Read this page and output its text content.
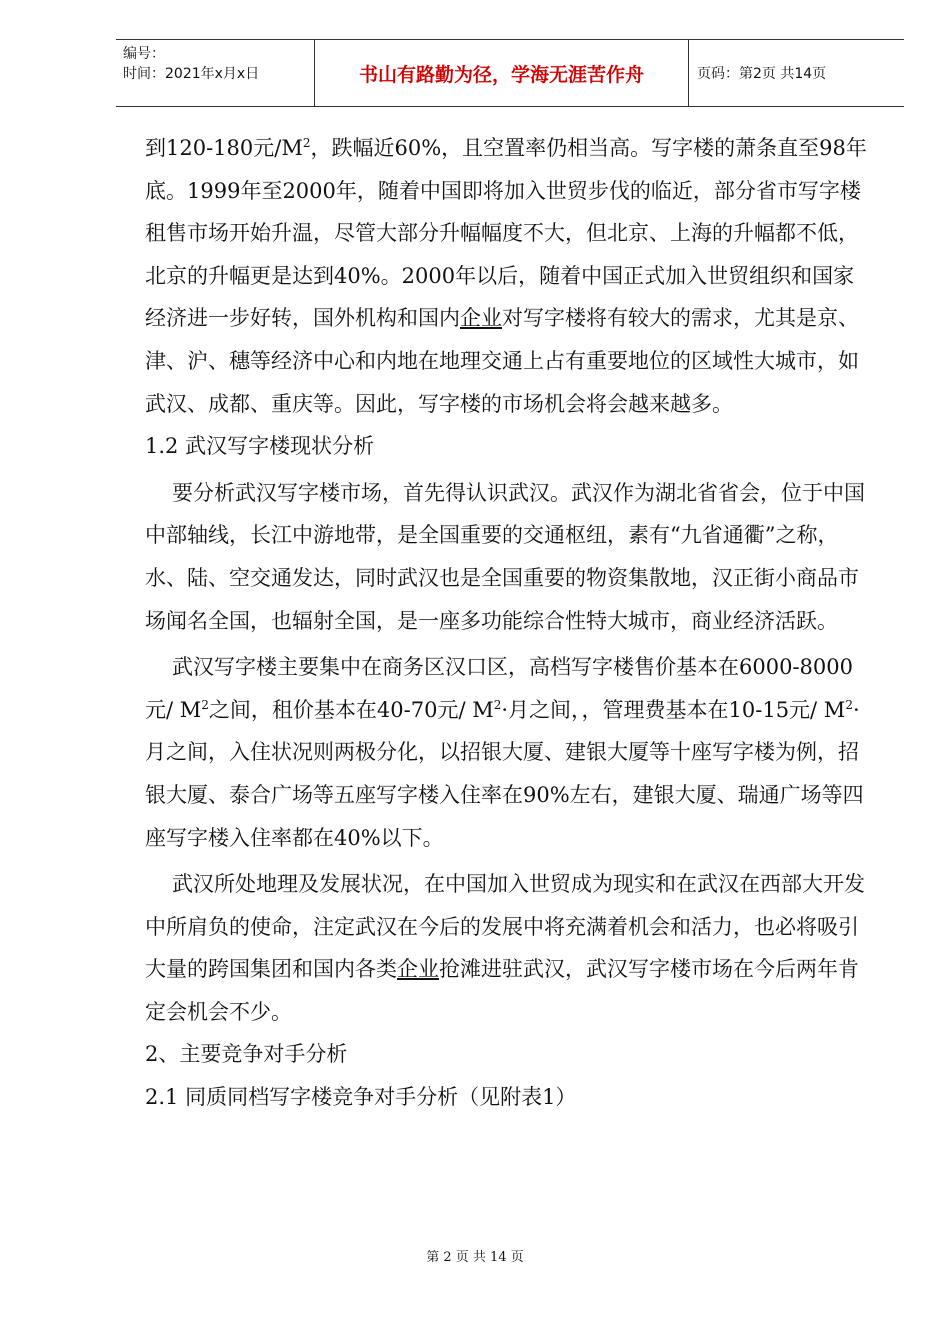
编号：
时间：2021年x月x日	书山有路勤为径，学海无涯苦作舟	页码：第2页 共14页

到120-180元$/M^2$，跌幅近60%，且空置率仍相当高。写字楼的萧条直至98年底。1999年至2000年，随着中国即将加入世贸步伐的临近，部分省市写字楼租售市场开始升温，尽管大部分升幅幅度不大，但北京、上海的升幅都不低，北京的升幅更是达到40%。2000年以后，随着中国正式加入世贸组织和国家经济进一步好转，国外机构和国内企业对写字楼将有较大的需求，尤其是京、津、沪、穗等经济中心和内地在地理交通上占有重要地位的区域性大城市，如武汉、成都、重庆等。因此，写字楼的市场机会将会越来越多。

1.2 武汉写字楼现状分析

要分析武汉写字楼市场，首先得认识武汉。武汉作为湖北省省会，位于中国中部轴线，长江中游地带，是全国重要的交通枢纽，素有“九省通衢”之称，水、陆、空交通发达，同时武汉也是全国重要的物资集散地，汉正街小商品市场闻名全国，也辐射全国，是一座多功能综合性特大城市，商业经济活跃。

武汉写字楼主要集中在商务区汉口区，高档写字楼售价基本在6000-8000元/ $M^2$之间，租价基本在40-70元/ $M^2\cdot$月之间，，管理费基本在10-15元/ $M^2\cdot$月之间，入住状况则两极分化，以招银大厦、建银大厦等十座写字楼为例，招银大厦、泰合广场等五座写字楼入住率在90%左右，建银大厦、瑞通广场等四座写字楼入住率都在40%以下。

武汉所处地理及发展状况，在中国加入世贸成为现实和在武汉在西部大开发中所肩负的使命，注定武汉在今后的发展中将充满着机会和活力，也必将吸引大量的跨国集团和国内各类企业抢滩进驻武汉，武汉写字楼市场在今后两年肯定会机会不少。

2、主要竞争对手分析

2.1 同质同档写字楼竞争对手分析（见附表1）

第 2 页 共 14 页
